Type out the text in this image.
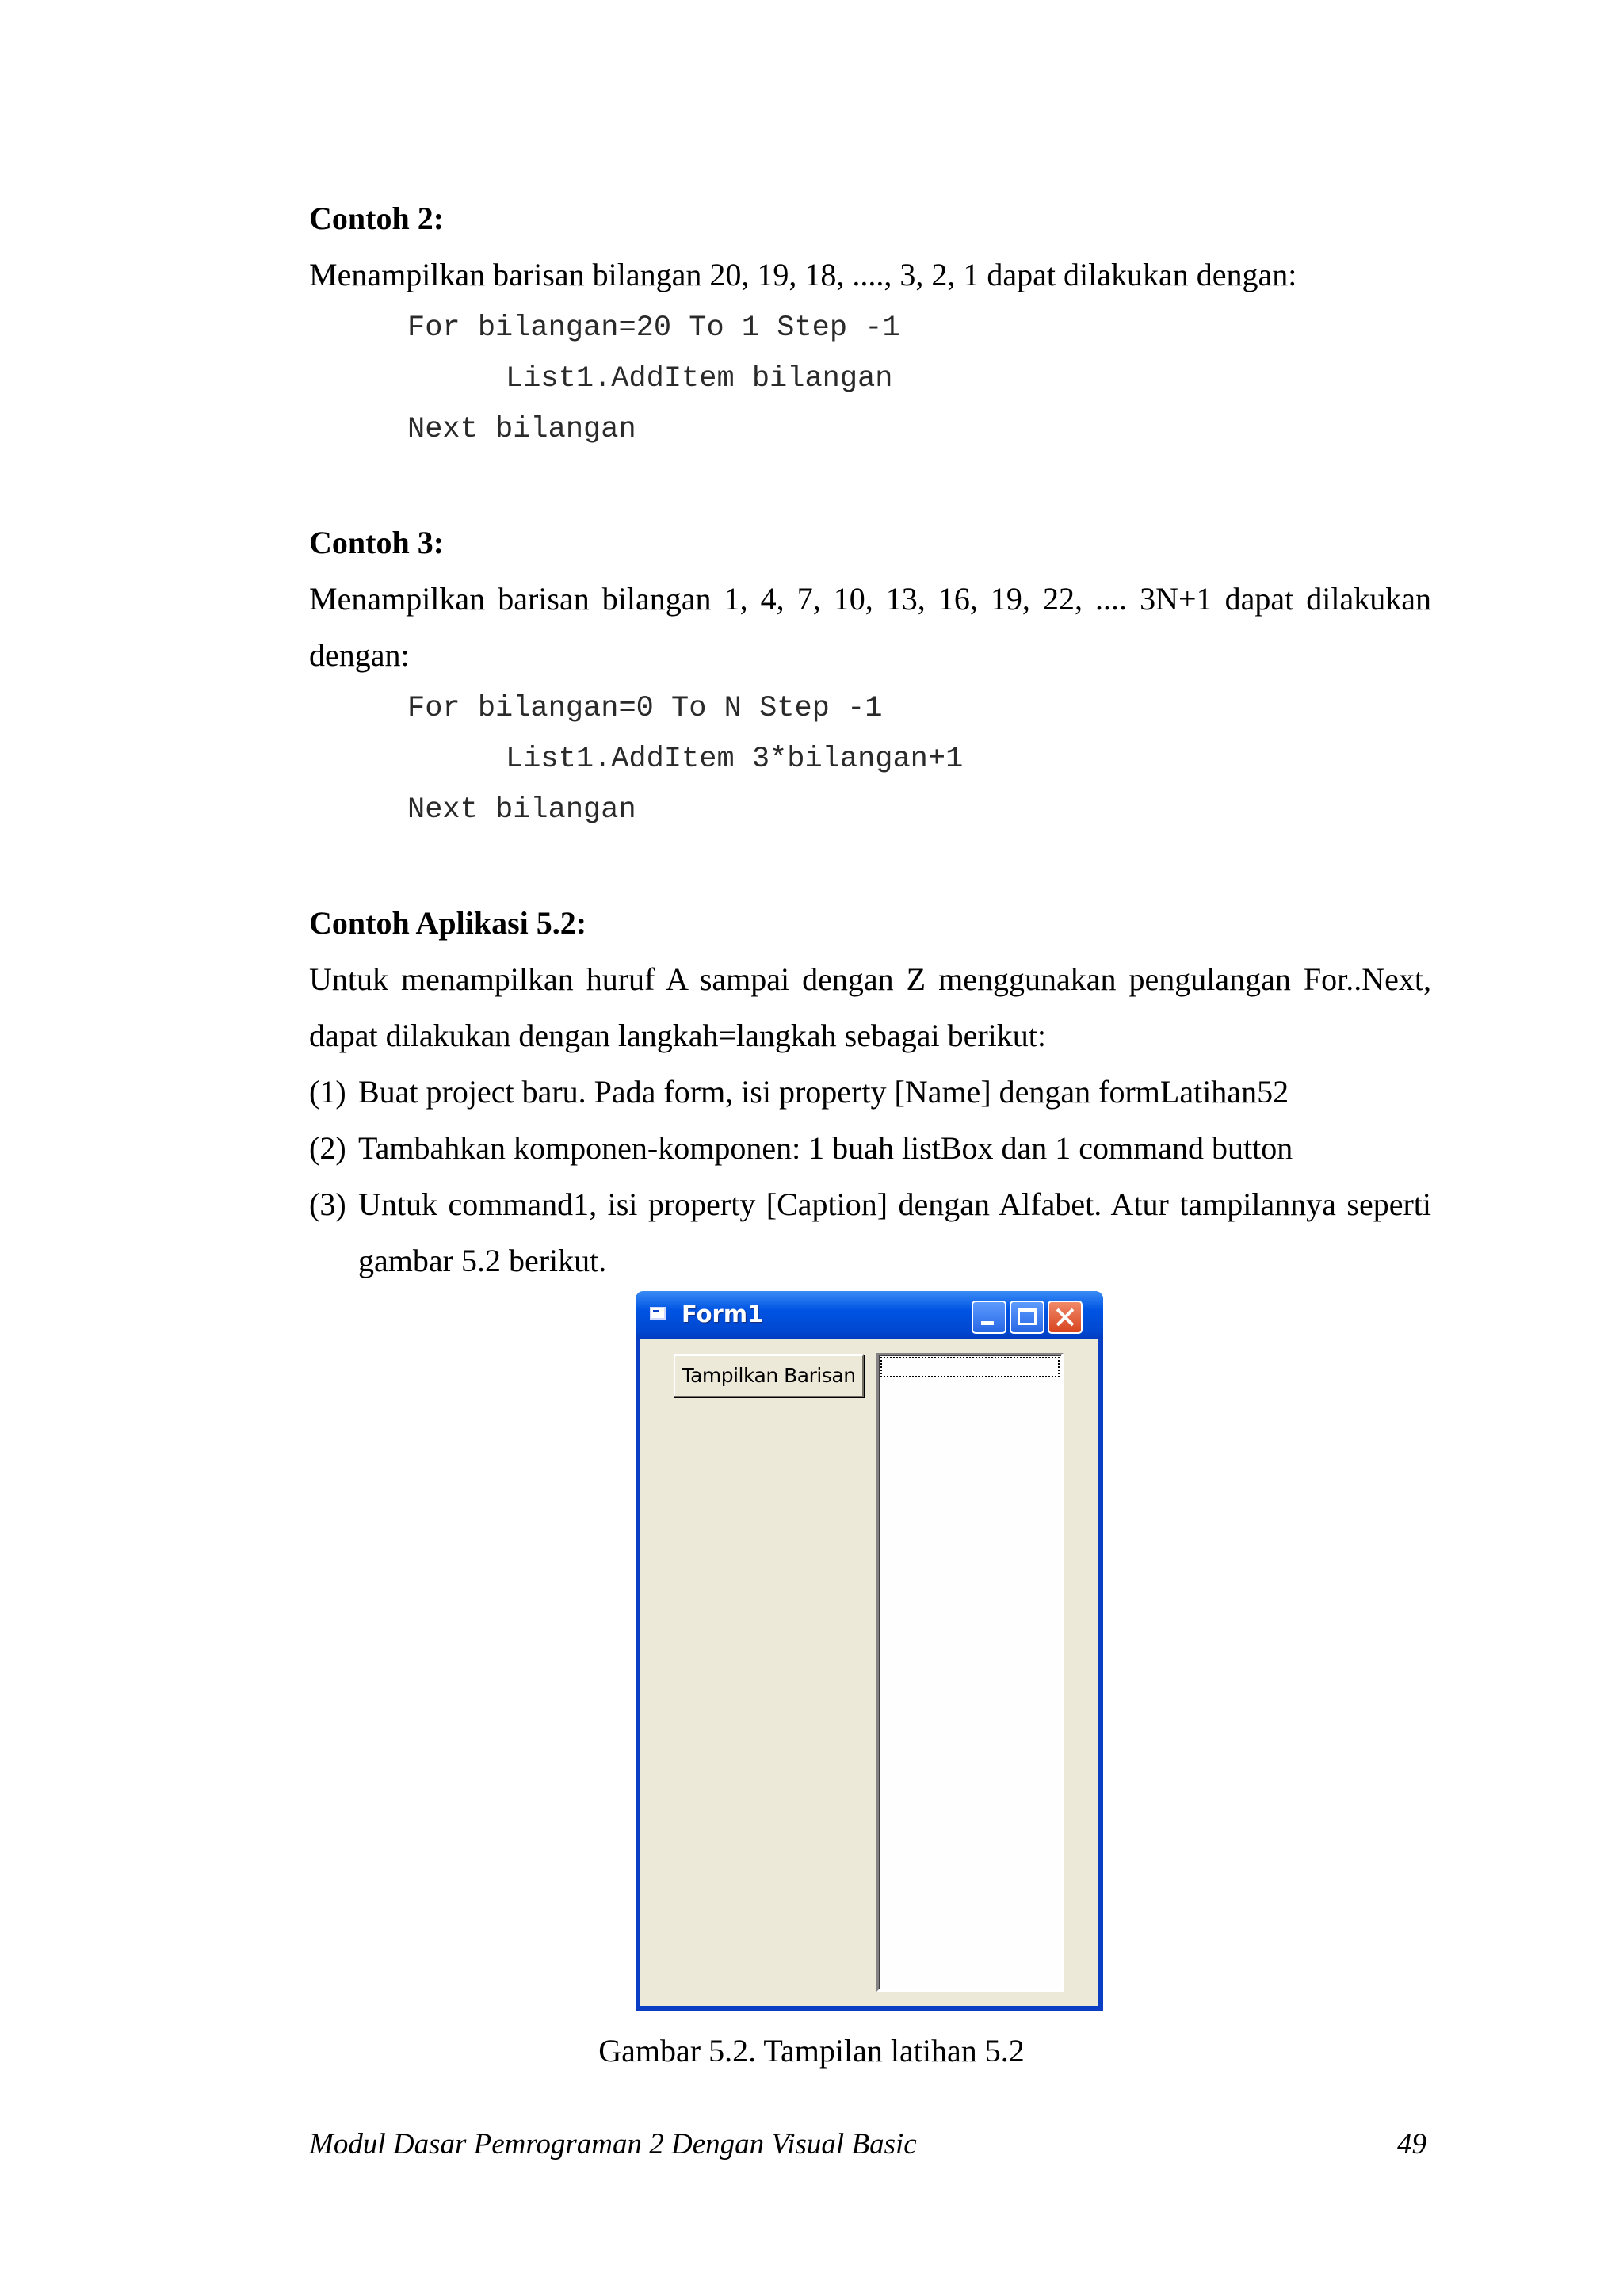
Contoh 2:

Menampilkan barisan bilangan 20, 19, 18, ...., 3, 2, 1 dapat dilakukan dengan:

For bilangan=20 To 1 Step -1
List1.AddItem bilangan
Next bilangan

Contoh 3:

Menampilkan barisan bilangan 1, 4, 7, 10, 13, 16, 19, 22, .... 3N+1 dapat dilakukan dengan:

For bilangan=0 To N Step -1
List1.AddItem 3*bilangan+1
Next bilangan

Contoh Aplikasi 5.2:

Untuk menampilkan huruf A sampai dengan Z menggunakan pengulangan For..Next, dapat dilakukan dengan langkah=langkah sebagai berikut:

(1) Buat project baru. Pada form, isi property [Name] dengan formLatihan52
(2) Tambahkan komponen-komponen: 1 buah listBox dan 1 command button
(3) Untuk command1, isi property [Caption] dengan Alfabet. Atur tampilannya seperti gambar 5.2 berikut.
Form1
Tampilkan Barisan
Gambar 5.2. Tampilan latihan 5.2
Modul Dasar Pemrograman 2 Dengan Visual Basic	49
